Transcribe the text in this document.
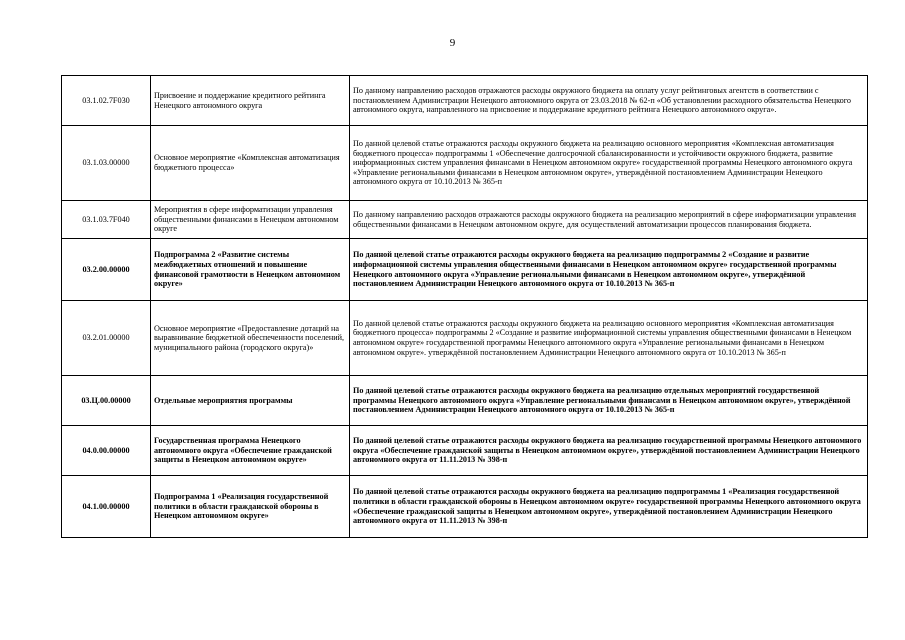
9
03.1.02.7F030	Присвоение и поддержание кредитного рейтинга Ненецкого автономного округа	По данному направлению расходов отражаются расходы окружного бюджета на оплату услуг рейтинговых агентств в соответствии с постановлением Администрации Ненецкого автономного округа от 23.03.2018 № 62-п «Об установлении расходного обязательства Ненецкого автономного округа, направленного на присвоение и поддержание кредитного рейтинга Ненецкого автономного округа».
03.1.03.00000	Основное мероприятие «Комплексная автоматизация бюджетного процесса»	По данной целевой статье отражаются расходы окружного бюджета на реализацию основного мероприятия «Комплексная автоматизация бюджетного процесса» подпрограммы 1 «Обеспечение долгосрочной сбалансированности и устойчивости окружного бюджета, развитие информационных систем управления финансами в Ненецком автономном округе» государственной программы Ненецкого автономного округа «Управление региональными финансами в Ненецком автономном округе», утверждённой постановлением Администрации Ненецкого автономного округа от 10.10.2013 № 365-п
03.1.03.7F040	Мероприятия в сфере информатизации управления общественными финансами в Ненецком автономном округе	По данному направлению расходов отражаются расходы окружного бюджета на реализацию мероприятий в сфере информатизации управления общественными финансами в Ненецком автономном округе, для осуществлений автоматизации процессов планирования бюджета.
03.2.00.00000	Подпрограмма 2 «Развитие системы межбюджетных отношений и повышение финансовой грамотности в Ненецком автономном округе»	По данной целевой статье отражаются расходы окружного бюджета на реализацию подпрограммы 2 «Создание и развитие информационной системы управления общественными финансами в Ненецком автономном округе» государственной программы Ненецкого автономного округа «Управление региональными финансами в Ненецком автономном округе», утверждённой постановлением Администрации Ненецкого автономного округа от 10.10.2013 № 365-п
03.2.01.00000	Основное мероприятие «Предоставление дотаций на выравнивание бюджетной обеспеченности поселений, муниципального района (городского округа)»	По данной целевой статье отражаются расходы окружного бюджета на реализацию основного мероприятия «Комплексная автоматизация бюджетного процесса» подпрограммы 2 «Создание и развитие информационной системы управления общественными финансами в Ненецком автономном округе» государственной программы Ненецкого автономного округа «Управление региональными финансами в Ненецком автономном округе». утверждённой постановлением Администрации Ненецкого автономного округа от 10.10.2013 № 365-п
03.Ц.00.00000	Отдельные мероприятия программы	По данной целевой статье отражаются расходы окружного бюджета на реализацию отдельных мероприятий государственной программы Ненецкого автономного округа «Управление региональными финансами в Ненецком автономном округе», утверждённой постановлением Администрации Ненецкого автономного округа от 10.10.2013 № 365-п
04.0.00.00000	Государственная программа Ненецкого автономного округа «Обеспечение гражданской защиты в Ненецком автономном округе»	По данной целевой статье отражаются расходы окружного бюджета на реализацию государственной программы Ненецкого автономного округа «Обеспечение гражданской защиты в Ненецком автономном округе», утверждённой постановлением Администрации Ненецкого автономного округа от 11.11.2013 № 398-п
04.1.00.00000	Подпрограмма 1 «Реализация государственной политики в области гражданской обороны в Ненецком автономном округе»	По данной целевой статье отражаются расходы окружного бюджета на реализацию подпрограммы 1 «Реализация государственной политики в области гражданской обороны в Ненецком автономном округе» государственной программы Ненецкого автономного округа «Обеспечение гражданской защиты в Ненецком автономном округе», утверждённой постановлением Администрации Ненецкого автономного округа от 11.11.2013 № 398-п
